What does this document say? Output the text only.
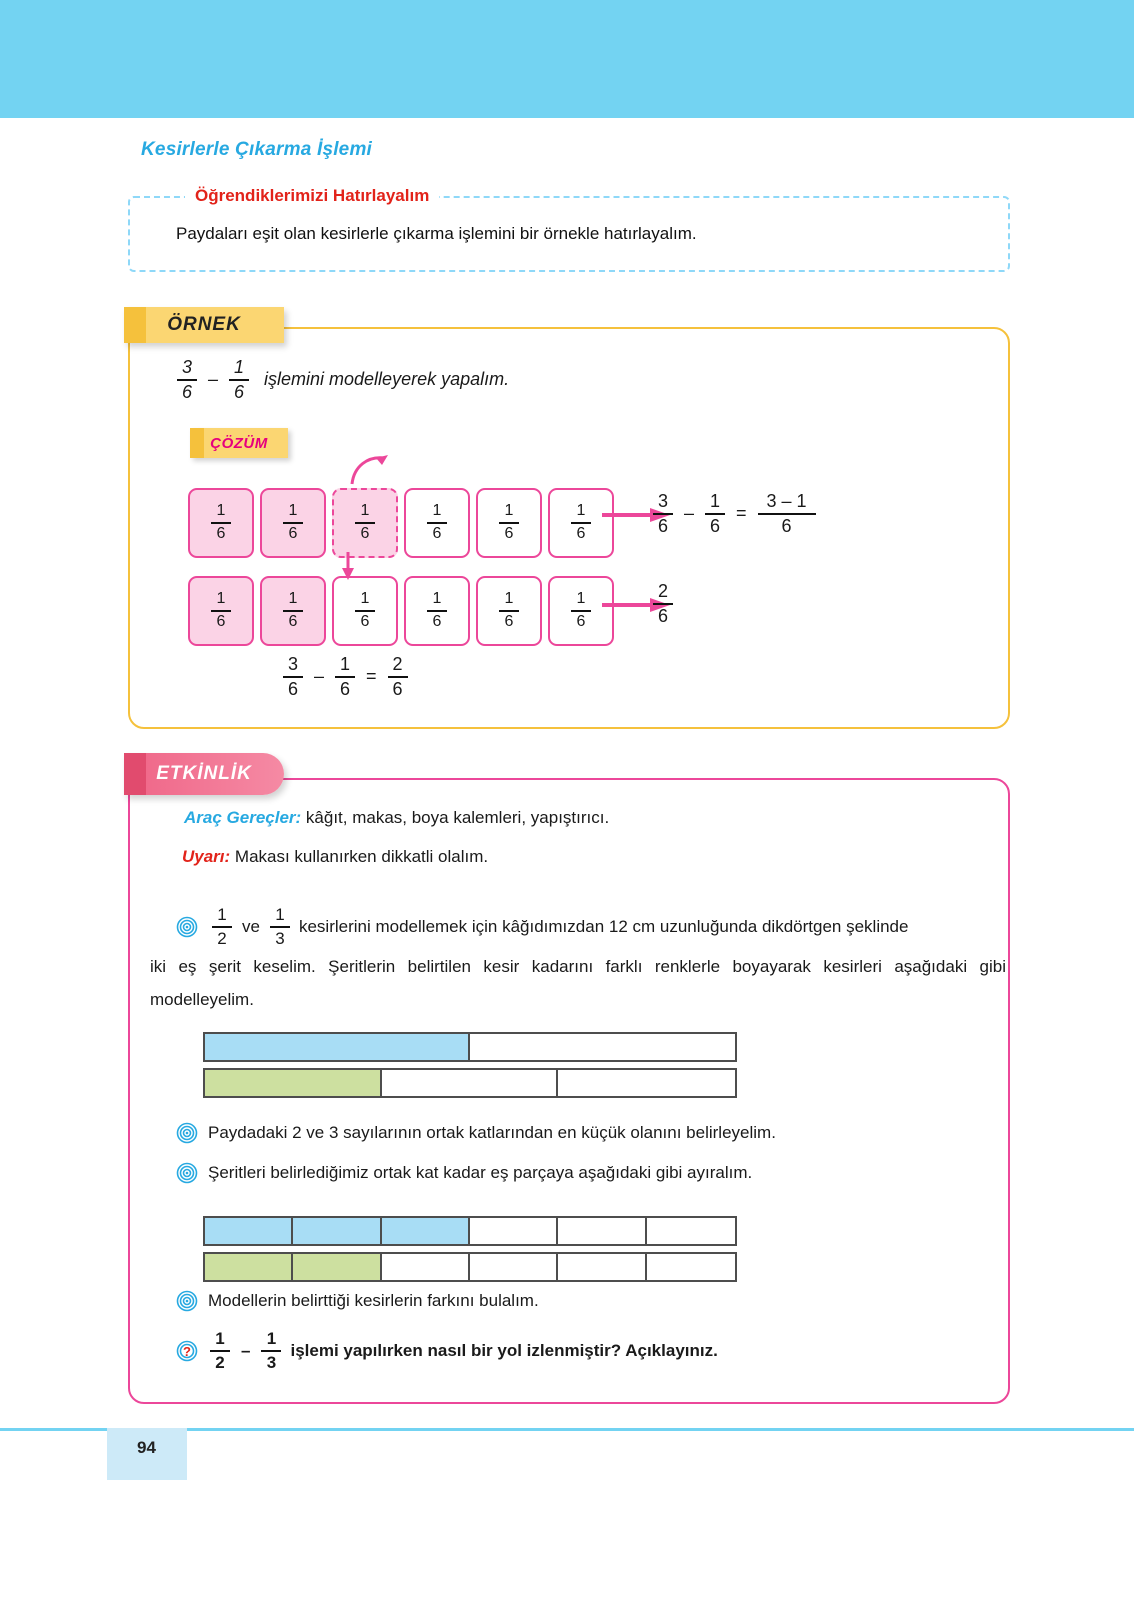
Kesirlerle Çıkarma İşlemi
Öğrendiklerimizi Hatırlayalım
Paydaları eşit olan kesirlerle çıkarma işlemini bir örnekle hatırlayalım.
ÖRNEK
$\frac{3}{6} - \frac{1}{6}$ işlemini modelleyerek yapalım.
ÇÖZÜM
$\frac{1}{6}$	$\frac{1}{6}$	$\frac{1}{6}$	$\frac{1}{6}$	$\frac{1}{6}$	$\frac{1}{6}$
$\frac{1}{6}$	$\frac{1}{6}$	$\frac{1}{6}$	$\frac{1}{6}$	$\frac{1}{6}$	$\frac{1}{6}$
$\frac{3}{6} - \frac{1}{6} = \frac{3 - 1}{6}$
$\frac{2}{6}$
$\frac{3}{6} - \frac{1}{6} = \frac{2}{6}$
ETKİNLİK
Araç Gereçler: kâğıt, makas, boya kalemleri, yapıştırıcı.
Uyarı: Makası kullanırken dikkatli olalım.
$\frac{1}{2}$ ve $\frac{1}{3}$ kesirlerini modellemek için kâğıdımızdan 12 cm uzunluğunda dikdörtgen şeklinde
iki eş şerit keselim. Şeritlerin belirtilen kesir kadarını farklı renklerle boyayarak kesirleri aşağıdaki gibi modelleyelim.
Paydadaki 2 ve 3 sayılarının ortak katlarından en küçük olanını belirleyelim.
Şeritleri belirlediğimiz ortak kat kadar eş parçaya aşağıdaki gibi ayıralım.
Modellerin belirttiği kesirlerin farkını bulalım.
? $\frac{1}{2} - \frac{1}{3}$ işlemi yapılırken nasıl bir yol izlenmiştir? Açıklayınız.
94
